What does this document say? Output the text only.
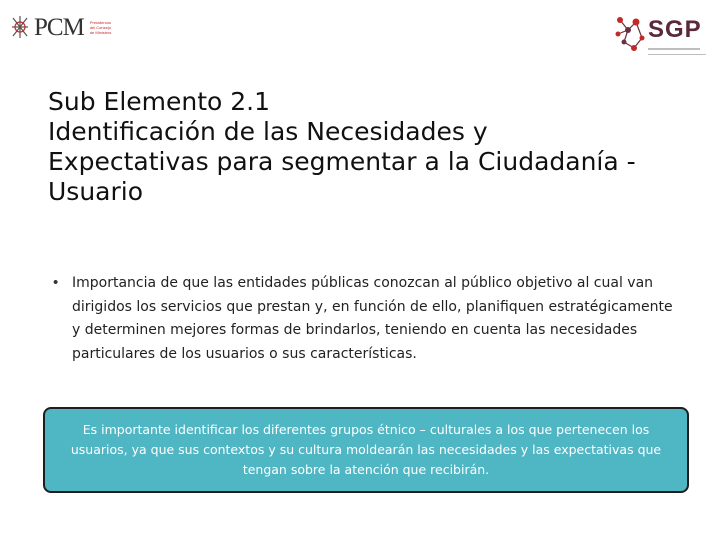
PCM Presidencia
del Consejo
de Ministros	SGP
Sub Elemento 2.1
Identificación de las Necesidades y
Expectativas para segmentar a la Ciudadanía -
Usuario
• Importancia de que las entidades públicas conozcan al público objetivo al cual van dirigidos los servicios que prestan y, en función de ello, planifiquen estratégicamente y determinen mejores formas de brindarlos, teniendo en cuenta las necesidades particulares de los usuarios o sus características.
Es importante identificar los diferentes grupos étnico – culturales a los que pertenecen los usuarios, ya que sus contextos y su cultura moldearán las necesidades y las expectativas que tengan sobre la atención que recibirán.
